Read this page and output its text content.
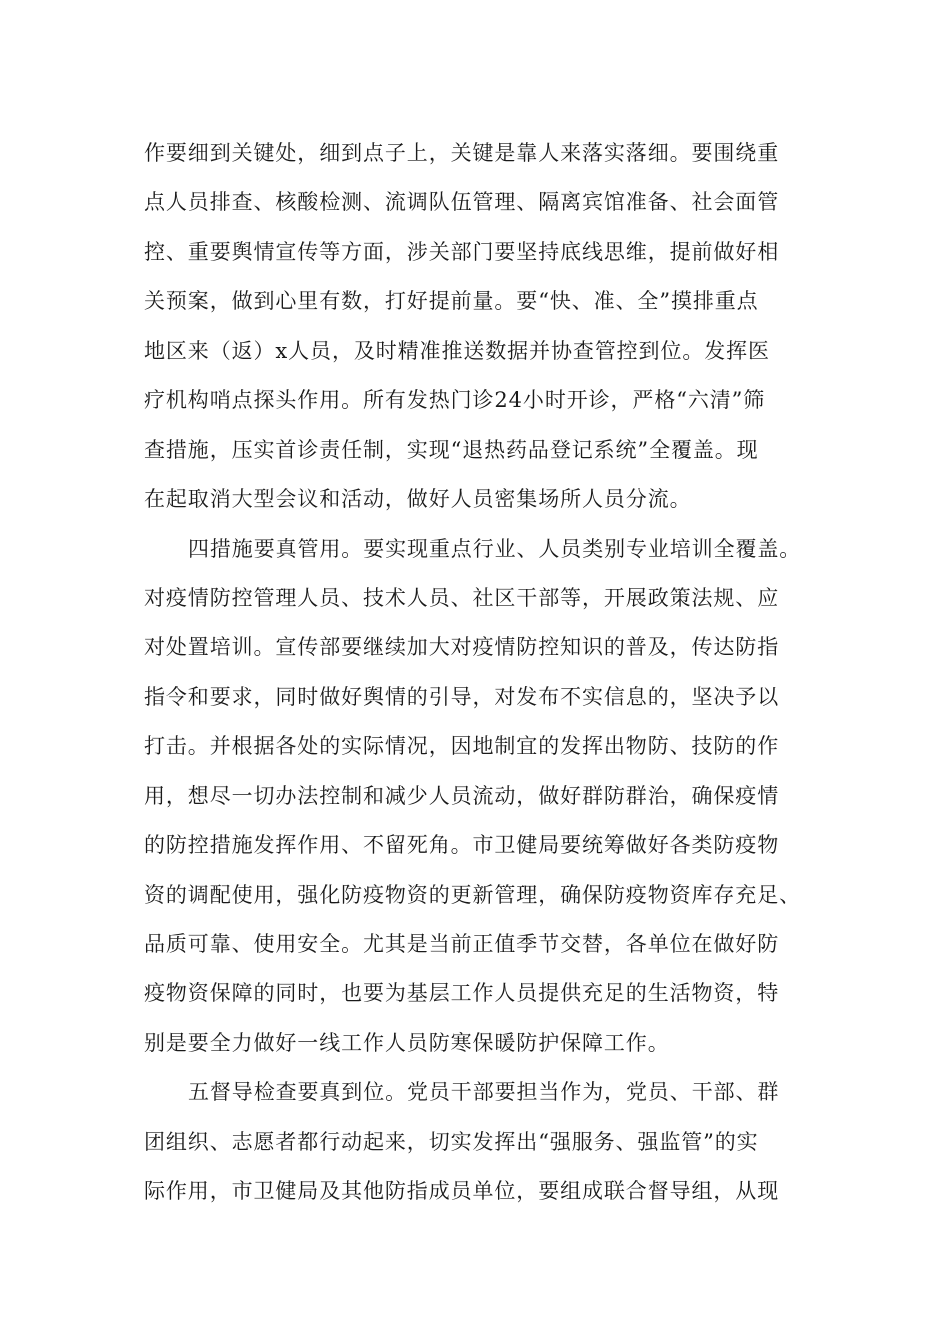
作要细到关键处，细到点子上，关键是靠人来落实落细。要围绕重
点人员排查、核酸检测、流调队伍管理、隔离宾馆准备、社会面管
控、重要舆情宣传等方面，涉关部门要坚持底线思维，提前做好相
关预案，做到心里有数，打好提前量。要“快、准、全”摸排重点
地区来（返）x人员，及时精准推送数据并协查管控到位。发挥医
疗机构哨点探头作用。所有发热门诊24小时开诊，严格“六清”筛
查措施，压实首诊责任制，实现“退热药品登记系统”全覆盖。现
在起取消大型会议和活动，做好人员密集场所人员分流。
四措施要真管用。要实现重点行业、人员类别专业培训全覆盖。
对疫情防控管理人员、技术人员、社区干部等，开展政策法规、应
对处置培训。宣传部要继续加大对疫情防控知识的普及，传达防指
指令和要求，同时做好舆情的引导，对发布不实信息的，坚决予以
打击。并根据各处的实际情况，因地制宜的发挥出物防、技防的作
用，想尽一切办法控制和减少人员流动，做好群防群治，确保疫情
的防控措施发挥作用、不留死角。市卫健局要统筹做好各类防疫物
资的调配使用，强化防疫物资的更新管理，确保防疫物资库存充足、
品质可靠、使用安全。尤其是当前正值季节交替，各单位在做好防
疫物资保障的同时，也要为基层工作人员提供充足的生活物资，特
别是要全力做好一线工作人员防寒保暖防护保障工作。
五督导检查要真到位。党员干部要担当作为，党员、干部、群
团组织、志愿者都行动起来，切实发挥出“强服务、强监管”的实
际作用，市卫健局及其他防指成员单位，要组成联合督导组，从现
